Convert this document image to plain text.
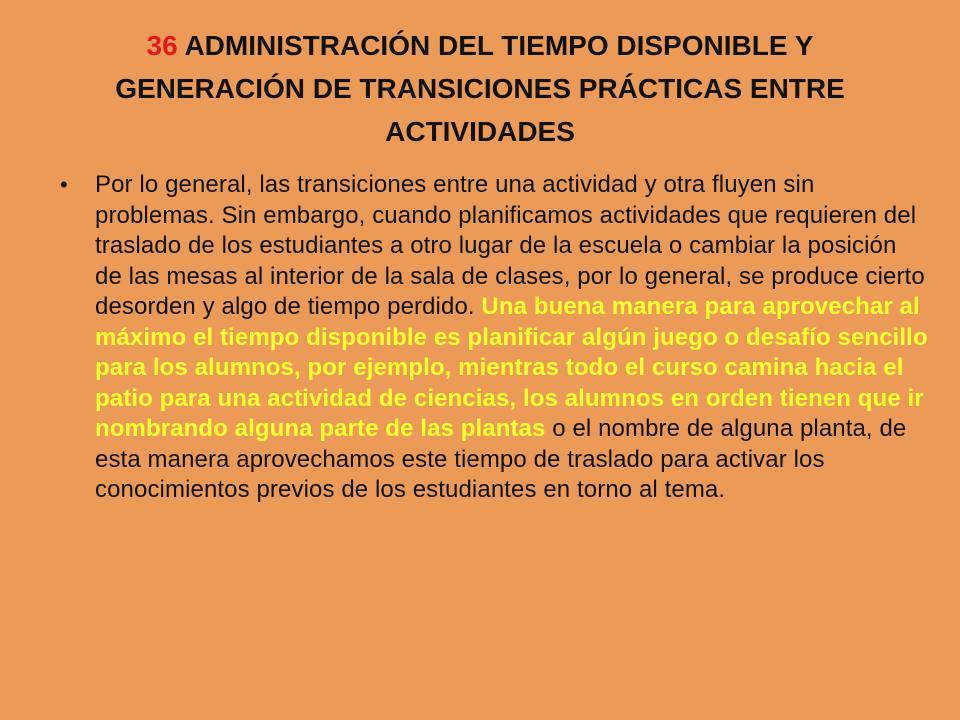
36 ADMINISTRACIÓN DEL TIEMPO DISPONIBLE Y GENERACIÓN DE TRANSICIONES PRÁCTICAS ENTRE ACTIVIDADES
• Por lo general, las transiciones entre una actividad y otra fluyen sin problemas. Sin embargo, cuando planificamos actividades que requieren del traslado de los estudiantes a otro lugar de la escuela o cambiar la posición de las mesas al interior de la sala de clases, por lo general, se produce cierto desorden y algo de tiempo perdido. Una buena manera para aprovechar al máximo el tiempo disponible es planificar algún juego o desafío sencillo para los alumnos, por ejemplo, mientras todo el curso camina hacia el patio para una actividad de ciencias, los alumnos en orden tienen que ir nombrando alguna parte de las plantas o el nombre de alguna planta, de esta manera aprovechamos este tiempo de traslado para activar los conocimientos previos de los estudiantes en torno al tema.
